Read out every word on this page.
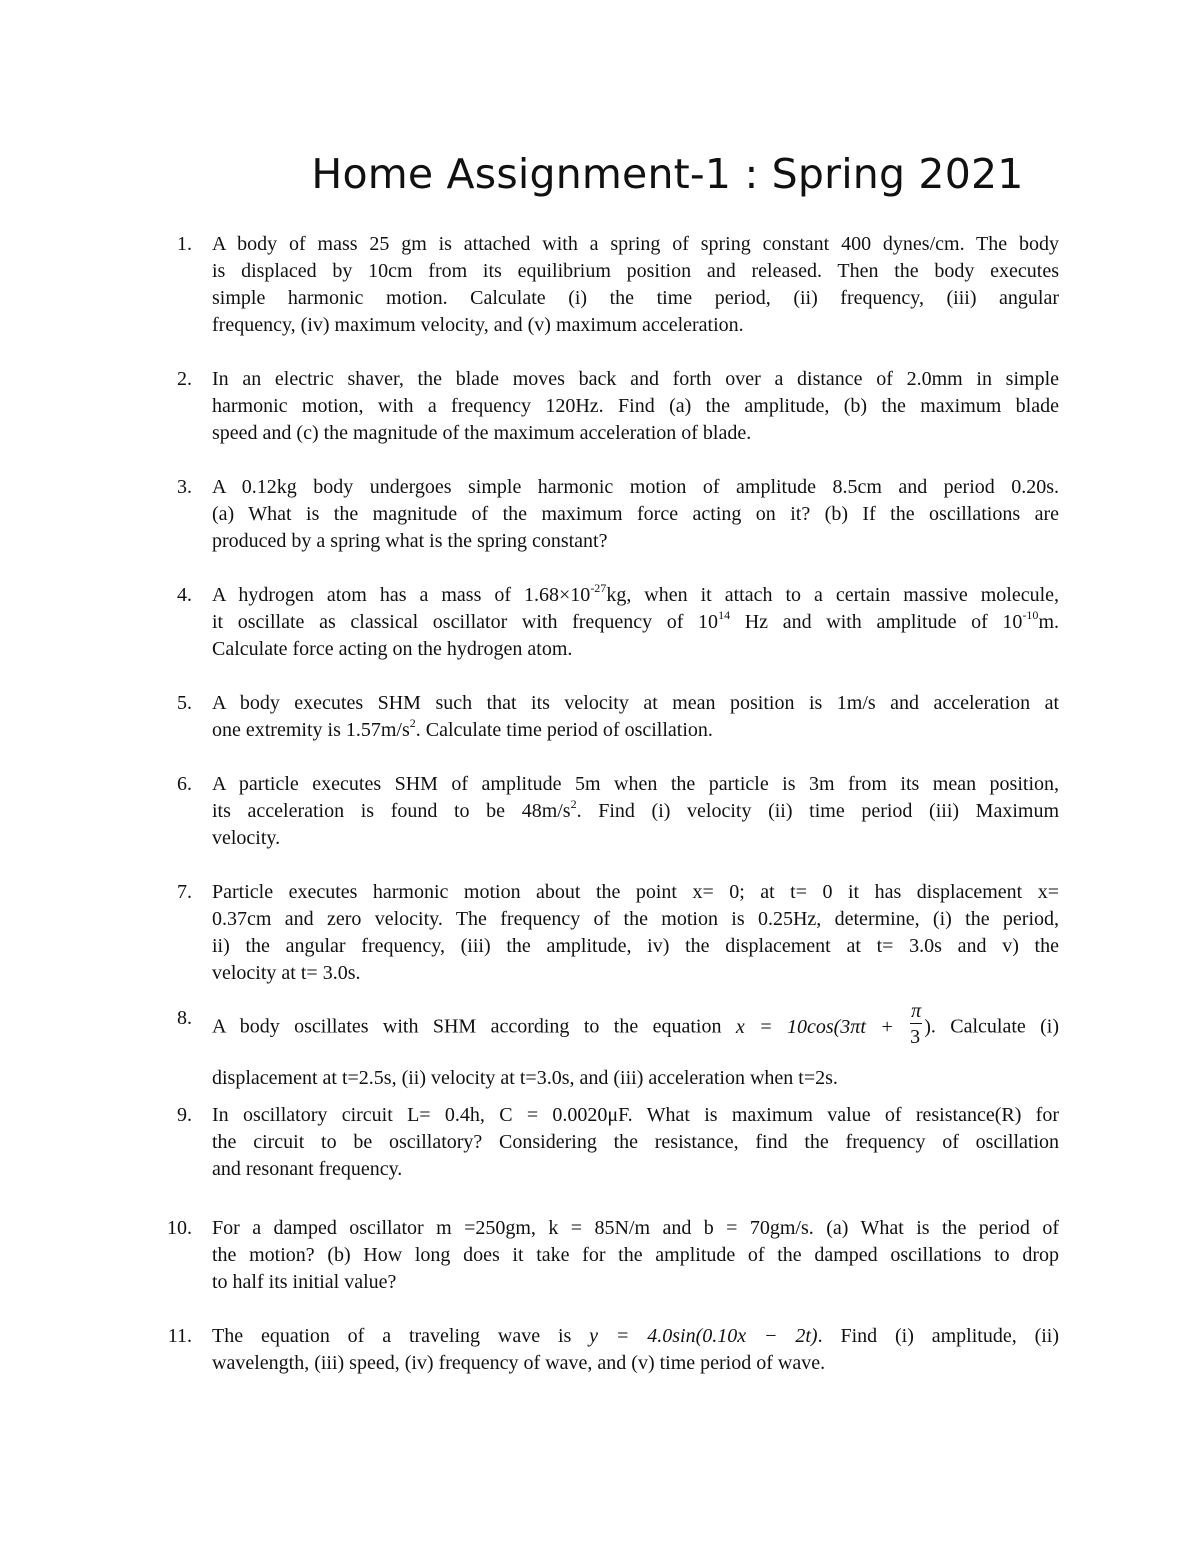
Home Assignment-1 : Spring 2021
1. A body of mass 25 gm is attached with a spring of spring constant 400 dynes/cm. The body
is displaced by 10cm from its equilibrium position and released. Then the body executes
simple harmonic motion. Calculate (i) the time period, (ii) frequency, (iii) angular
frequency, (iv) maximum velocity, and (v) maximum acceleration.
2. In an electric shaver, the blade moves back and forth over a distance of 2.0mm in simple
harmonic motion, with a frequency 120Hz. Find (a) the amplitude, (b) the maximum blade
speed and (c) the magnitude of the maximum acceleration of blade.
3. A 0.12kg body undergoes simple harmonic motion of amplitude 8.5cm and period 0.20s.
(a) What is the magnitude of the maximum force acting on it? (b) If the oscillations are
produced by a spring what is the spring constant?
4. A hydrogen atom has a mass of $1.68\times 10^{-27}kg$, when it attach to a certain massive molecule,
it oscillate as classical oscillator with frequency of $10^{14}$ Hz and with amplitude of $10^{-10}m$.
Calculate force acting on the hydrogen atom.
5. A body executes SHM such that its velocity at mean position is 1m/s and acceleration at
one extremity is $1.57m/s^2$. Calculate time period of oscillation.
6. A particle executes SHM of amplitude 5m when the particle is 3m from its mean position,
its acceleration is found to be $48m/s^2$. Find (i) velocity (ii) time period (iii) Maximum
velocity.
7. Particle executes harmonic motion about the point x= 0; at t= 0 it has displacement x=
0.37cm and zero velocity. The frequency of the motion is 0.25Hz, determine, (i) the period,
ii) the angular frequency, (iii) the amplitude, iv) the displacement at t= 3.0s and v) the
velocity at t= 3.0s.
8. A body oscillates with SHM according to the equation $x = 10\cos(3\pi t + \frac{\pi}{3}$ ). Calculate (i)
displacement at t=2.5s, (ii) velocity at t=3.0s, and (iii) acceleration when t=2s.
9. In oscillatory circuit L= 0.4h, C = 0.0020μF. What is maximum value of resistance(R) for
the circuit to be oscillatory? Considering the resistance, find the frequency of oscillation
and resonant frequency.
10. For a damped oscillator m =250gm, k = 85N/m and b = 70gm/s. (a) What is the period of
the motion? (b) How long does it take for the amplitude of the damped oscillations to drop
to half its initial value?
11. The equation of a traveling wave is y = 4.0sin(0.10x − 2t). Find (i) amplitude, (ii)
wavelength, (iii) speed, (iv) frequency of wave, and (v) time period of wave.
